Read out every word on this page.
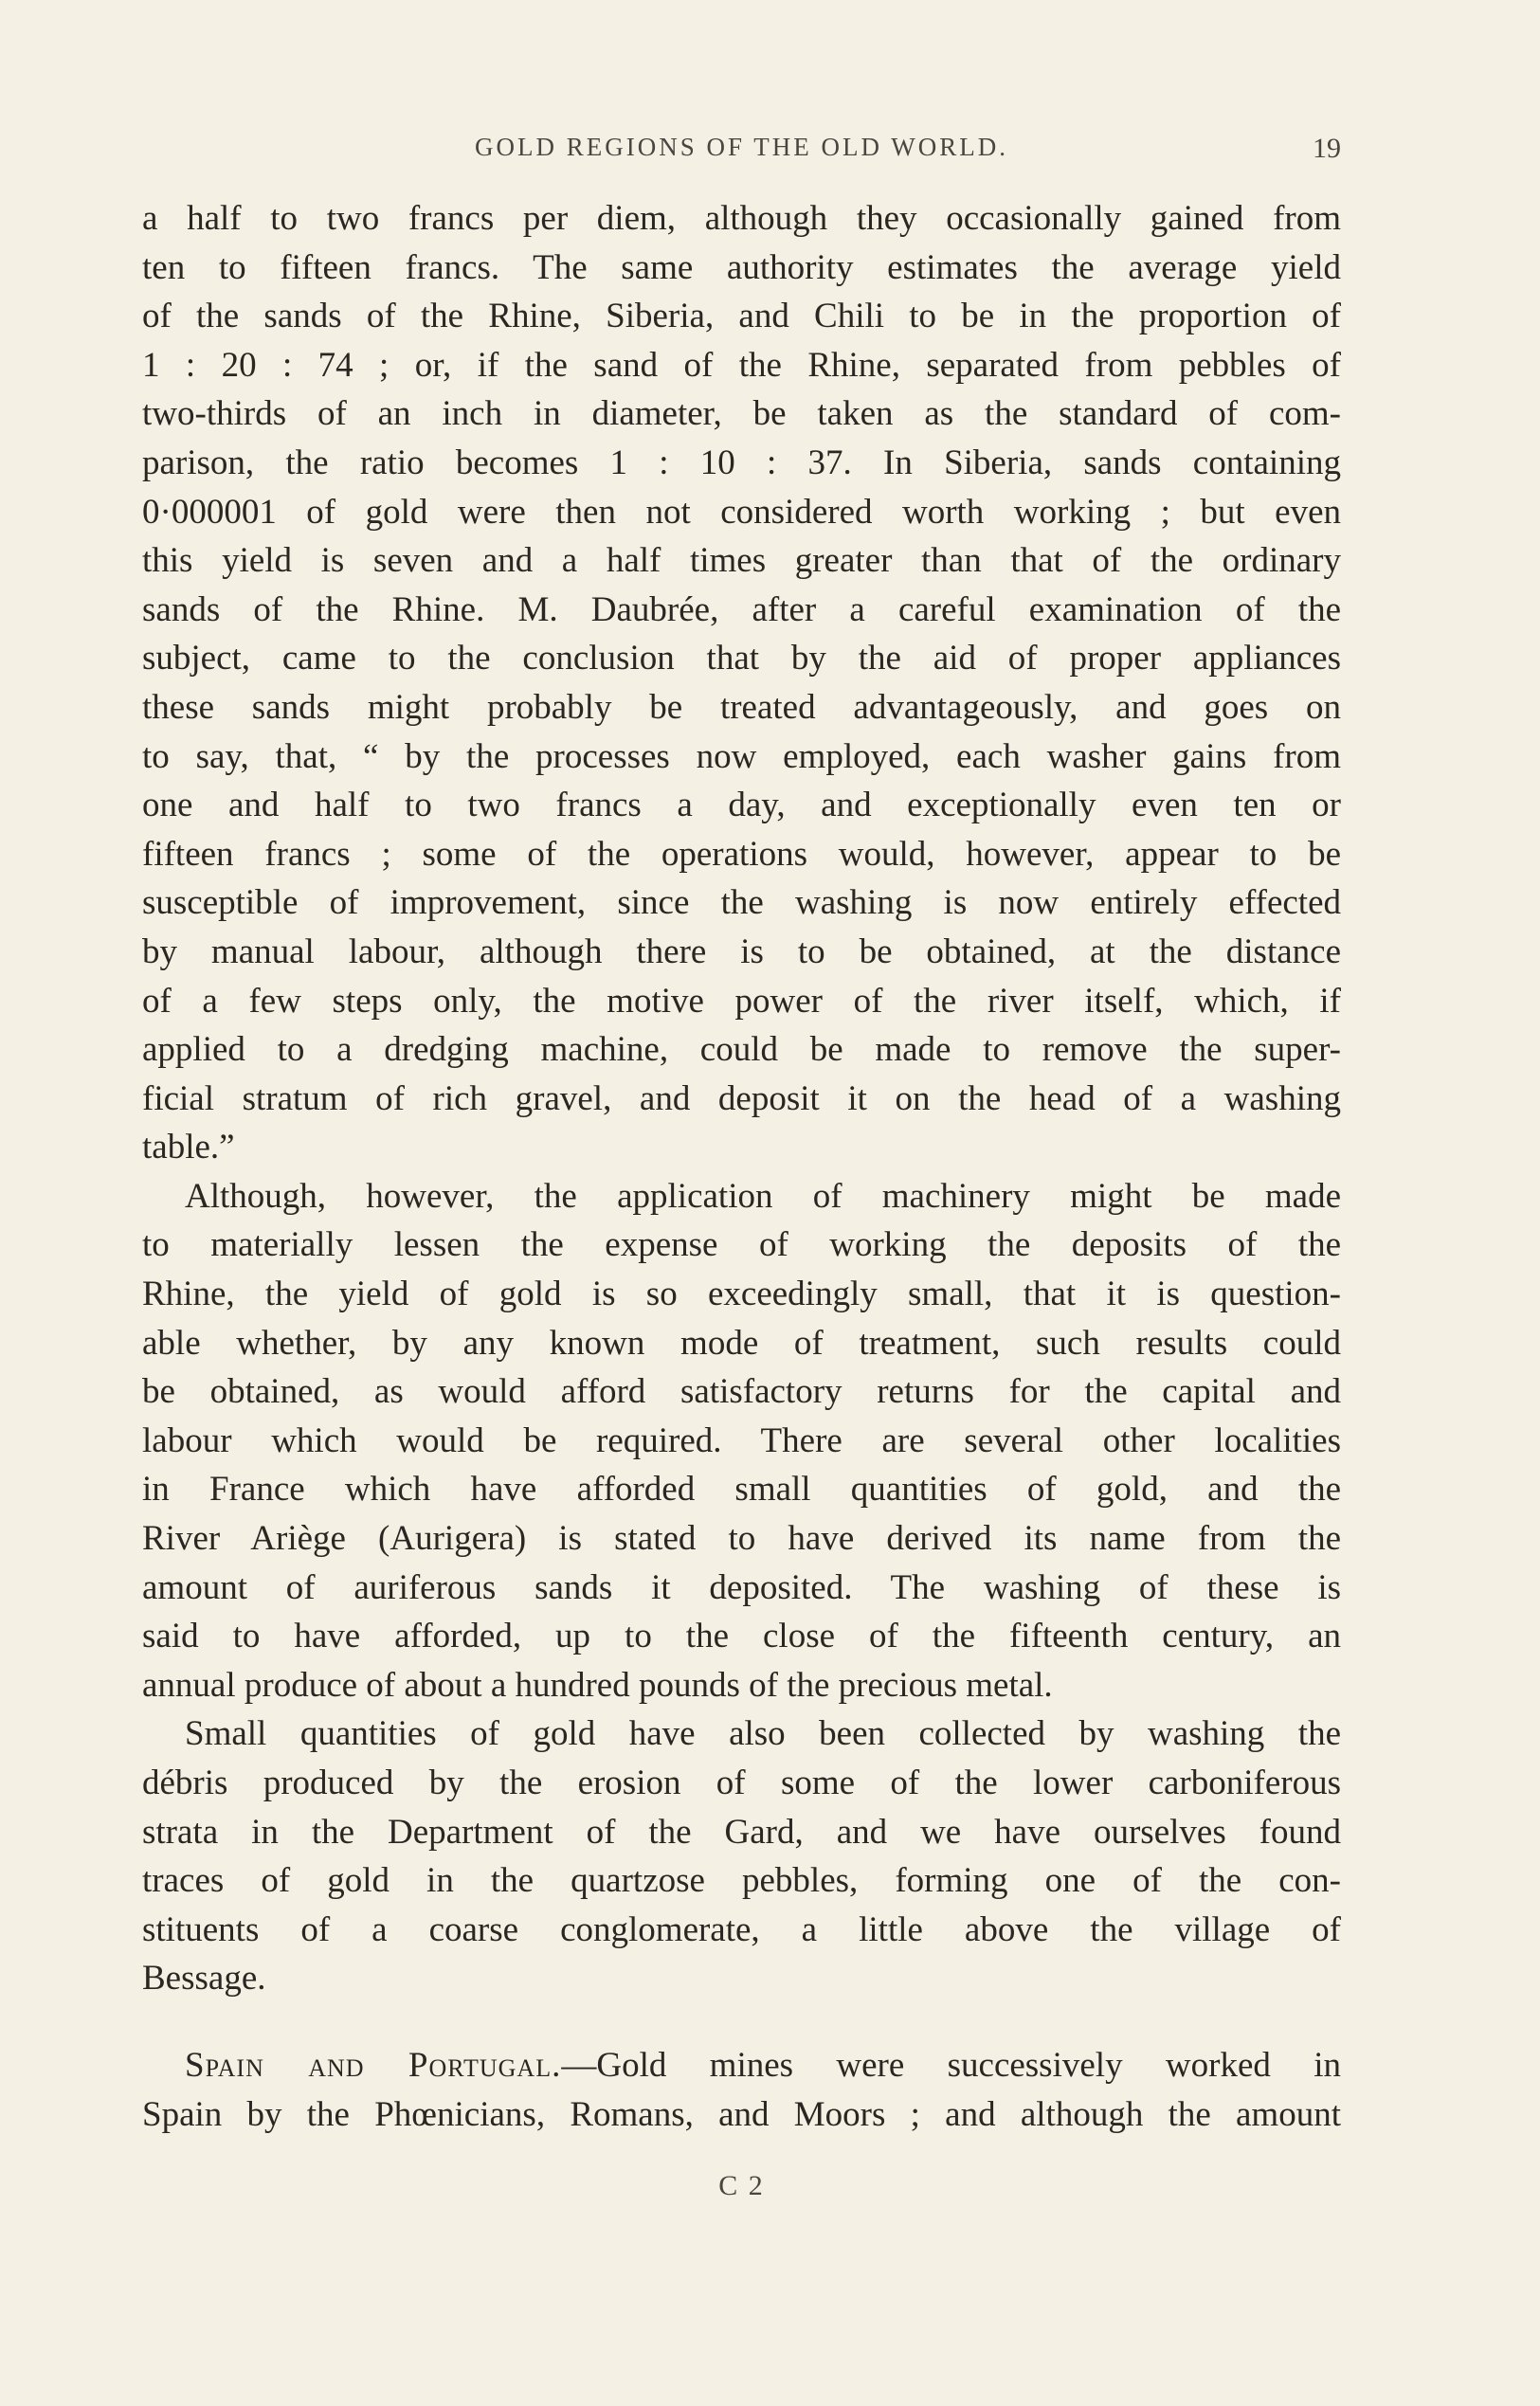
GOLD REGIONS OF THE OLD WORLD.	19
a half to two francs per diem, although they occasionally gained from
ten to fifteen francs. The same authority estimates the average yield
of the sands of the Rhine, Siberia, and Chili to be in the proportion of
1 : 20 : 74 ; or, if the sand of the Rhine, separated from pebbles of
two-thirds of an inch in diameter, be taken as the standard of com-
parison, the ratio becomes 1 : 10 : 37. In Siberia, sands containing
0·000001 of gold were then not considered worth working ; but even
this yield is seven and a half times greater than that of the ordinary
sands of the Rhine. M. Daubrée, after a careful examination of the
subject, came to the conclusion that by the aid of proper appliances
these sands might probably be treated advantageously, and goes on
to say, that, “ by the processes now employed, each washer gains from
one and half to two francs a day, and exceptionally even ten or
fifteen francs ; some of the operations would, however, appear to be
susceptible of improvement, since the washing is now entirely effected
by manual labour, although there is to be obtained, at the distance
of a few steps only, the motive power of the river itself, which, if
applied to a dredging machine, could be made to remove the super-
ficial stratum of rich gravel, and deposit it on the head of a washing
table.”
Although, however, the application of machinery might be made
to materially lessen the expense of working the deposits of the
Rhine, the yield of gold is so exceedingly small, that it is question-
able whether, by any known mode of treatment, such results could
be obtained, as would afford satisfactory returns for the capital and
labour which would be required. There are several other localities
in France which have afforded small quantities of gold, and the
River Ariège (Aurigera) is stated to have derived its name from the
amount of auriferous sands it deposited. The washing of these is
said to have afforded, up to the close of the fifteenth century, an
annual produce of about a hundred pounds of the precious metal.
Small quantities of gold have also been collected by washing the
débris produced by the erosion of some of the lower carboniferous
strata in the Department of the Gard, and we have ourselves found
traces of gold in the quartzose pebbles, forming one of the con-
stituents of a coarse conglomerate, a little above the village of
Bessage.
Spain and Portugal.—Gold mines were successively worked in
Spain by the Phœnicians, Romans, and Moors ; and although the amount
C 2
